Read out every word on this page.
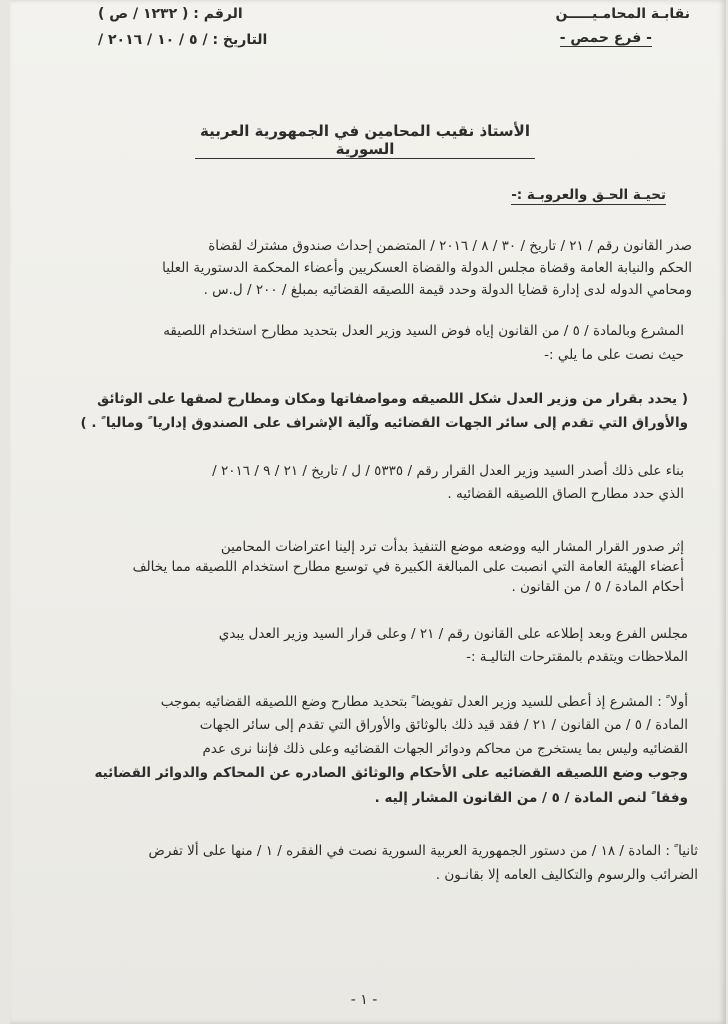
نقابـة المحامـيـــــن
- فرع حمص -
الرقم : ( ١٢٣٢ / ص )
التاريخ : / ٥ / ١٠ / ٢٠١٦ /
الأستاذ نقيب المحامين في الجمهورية العربية السورية
تحيـة الحـق والعروبـة :-
صدر القانون رقم / ٢١ / تاريخ / ٣٠ / ٨ / ٢٠١٦ / المتضمن إحداث صندوق مشترك لقضاة
الحكم والنيابة العامة وقضاة مجلس الدولة والقضاة العسكريين وأعضاء المحكمة الدستورية العليا
ومحامي الدوله لدى إدارة قضايا الدولة وحدد قيمة اللصيقه القضائيه بمبلغ / ٢٠٠ / ل.س .
المشرع وبالمادة / ٥ / من القانون إياه فوض السيد وزير العدل بتحديد مطارح استخدام اللصيقه
حيث نصت على ما يلي :-
( يحدد بقرار من وزير العدل شكل اللصيقه ومواصفاتها ومكان ومطارح لصقها على الوثائق
والأوراق التي تقدم إلى سائر الجهات القضائيه وآلية الإشراف على الصندوق إداريا ً وماليا ً . )
بناء على ذلك أصدر السيد وزير العدل القرار رقم / ٥٣٣٥ / ل / تاريخ / ٢١ / ٩ / ٢٠١٦ /
الذي حدد مطارح الصاق اللصيقه القضائيه .
إثر صدور القرار المشار اليه ووضعه موضع التنفيذ بدأت ترد إلينا اعتراضات المحامين
أعضاء الهيئة العامة التي انصبت على المبالغة الكبيرة في توسيع مطارح استخدام اللصيقه مما يخالف
أحكام المادة / ٥ / من القانون .
مجلس الفرع وبعد إطلاعه على القانون رقم / ٢١ / وعلى قرار السيد وزير العدل يبدي
الملاحظات ويتقدم بالمقترحات التاليـة :-
أولا ً : المشرع إذ أعطى للسيد وزير العدل تفويضا ً بتحديد مطارح وضع اللصيقه القضائيه بموجب
المادة / ٥ / من القانون / ٢١ / فقد قيد ذلك بالوثائق والأوراق التي تقدم إلى سائر الجهات
القضائيه وليس بما يستخرج من محاكم ودوائر الجهات القضائيه وعلى ذلك فإننا نرى عدم
وجوب وضع اللصيقه القضائيه على الأحكام والوثائق الصادره عن المحاكم والدوائر القضائيه
وفقا ً لنص المادة / ٥ / من القانون المشار إليه .
ثانيا ً : المادة / ١٨ / من دستور الجمهورية العربية السورية نصت في الفقره / ١ / منها على ألا تفرض
الضرائب والرسوم والتكاليف العامه إلا بقانـون .
- ١ -
